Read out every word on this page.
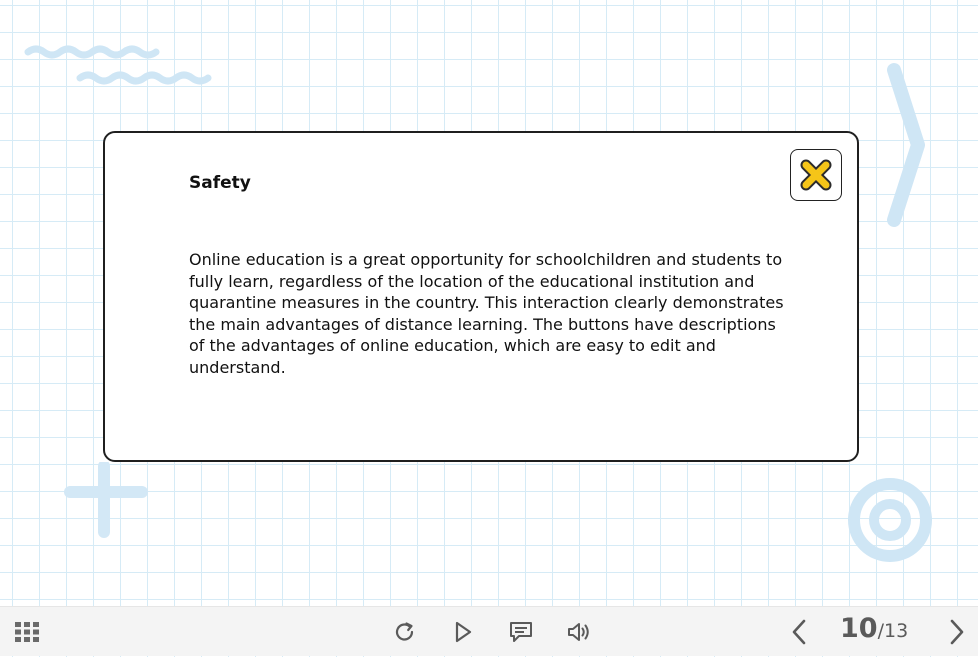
Safety

Online education is a great opportunity for schoolchildren and students to fully learn, regardless of the location of the educational institution and quarantine measures in the country. This interaction clearly demonstrates the main advantages of distance learning. The buttons have descriptions of the advantages of online education, which are easy to edit and understand.

10 / 13
